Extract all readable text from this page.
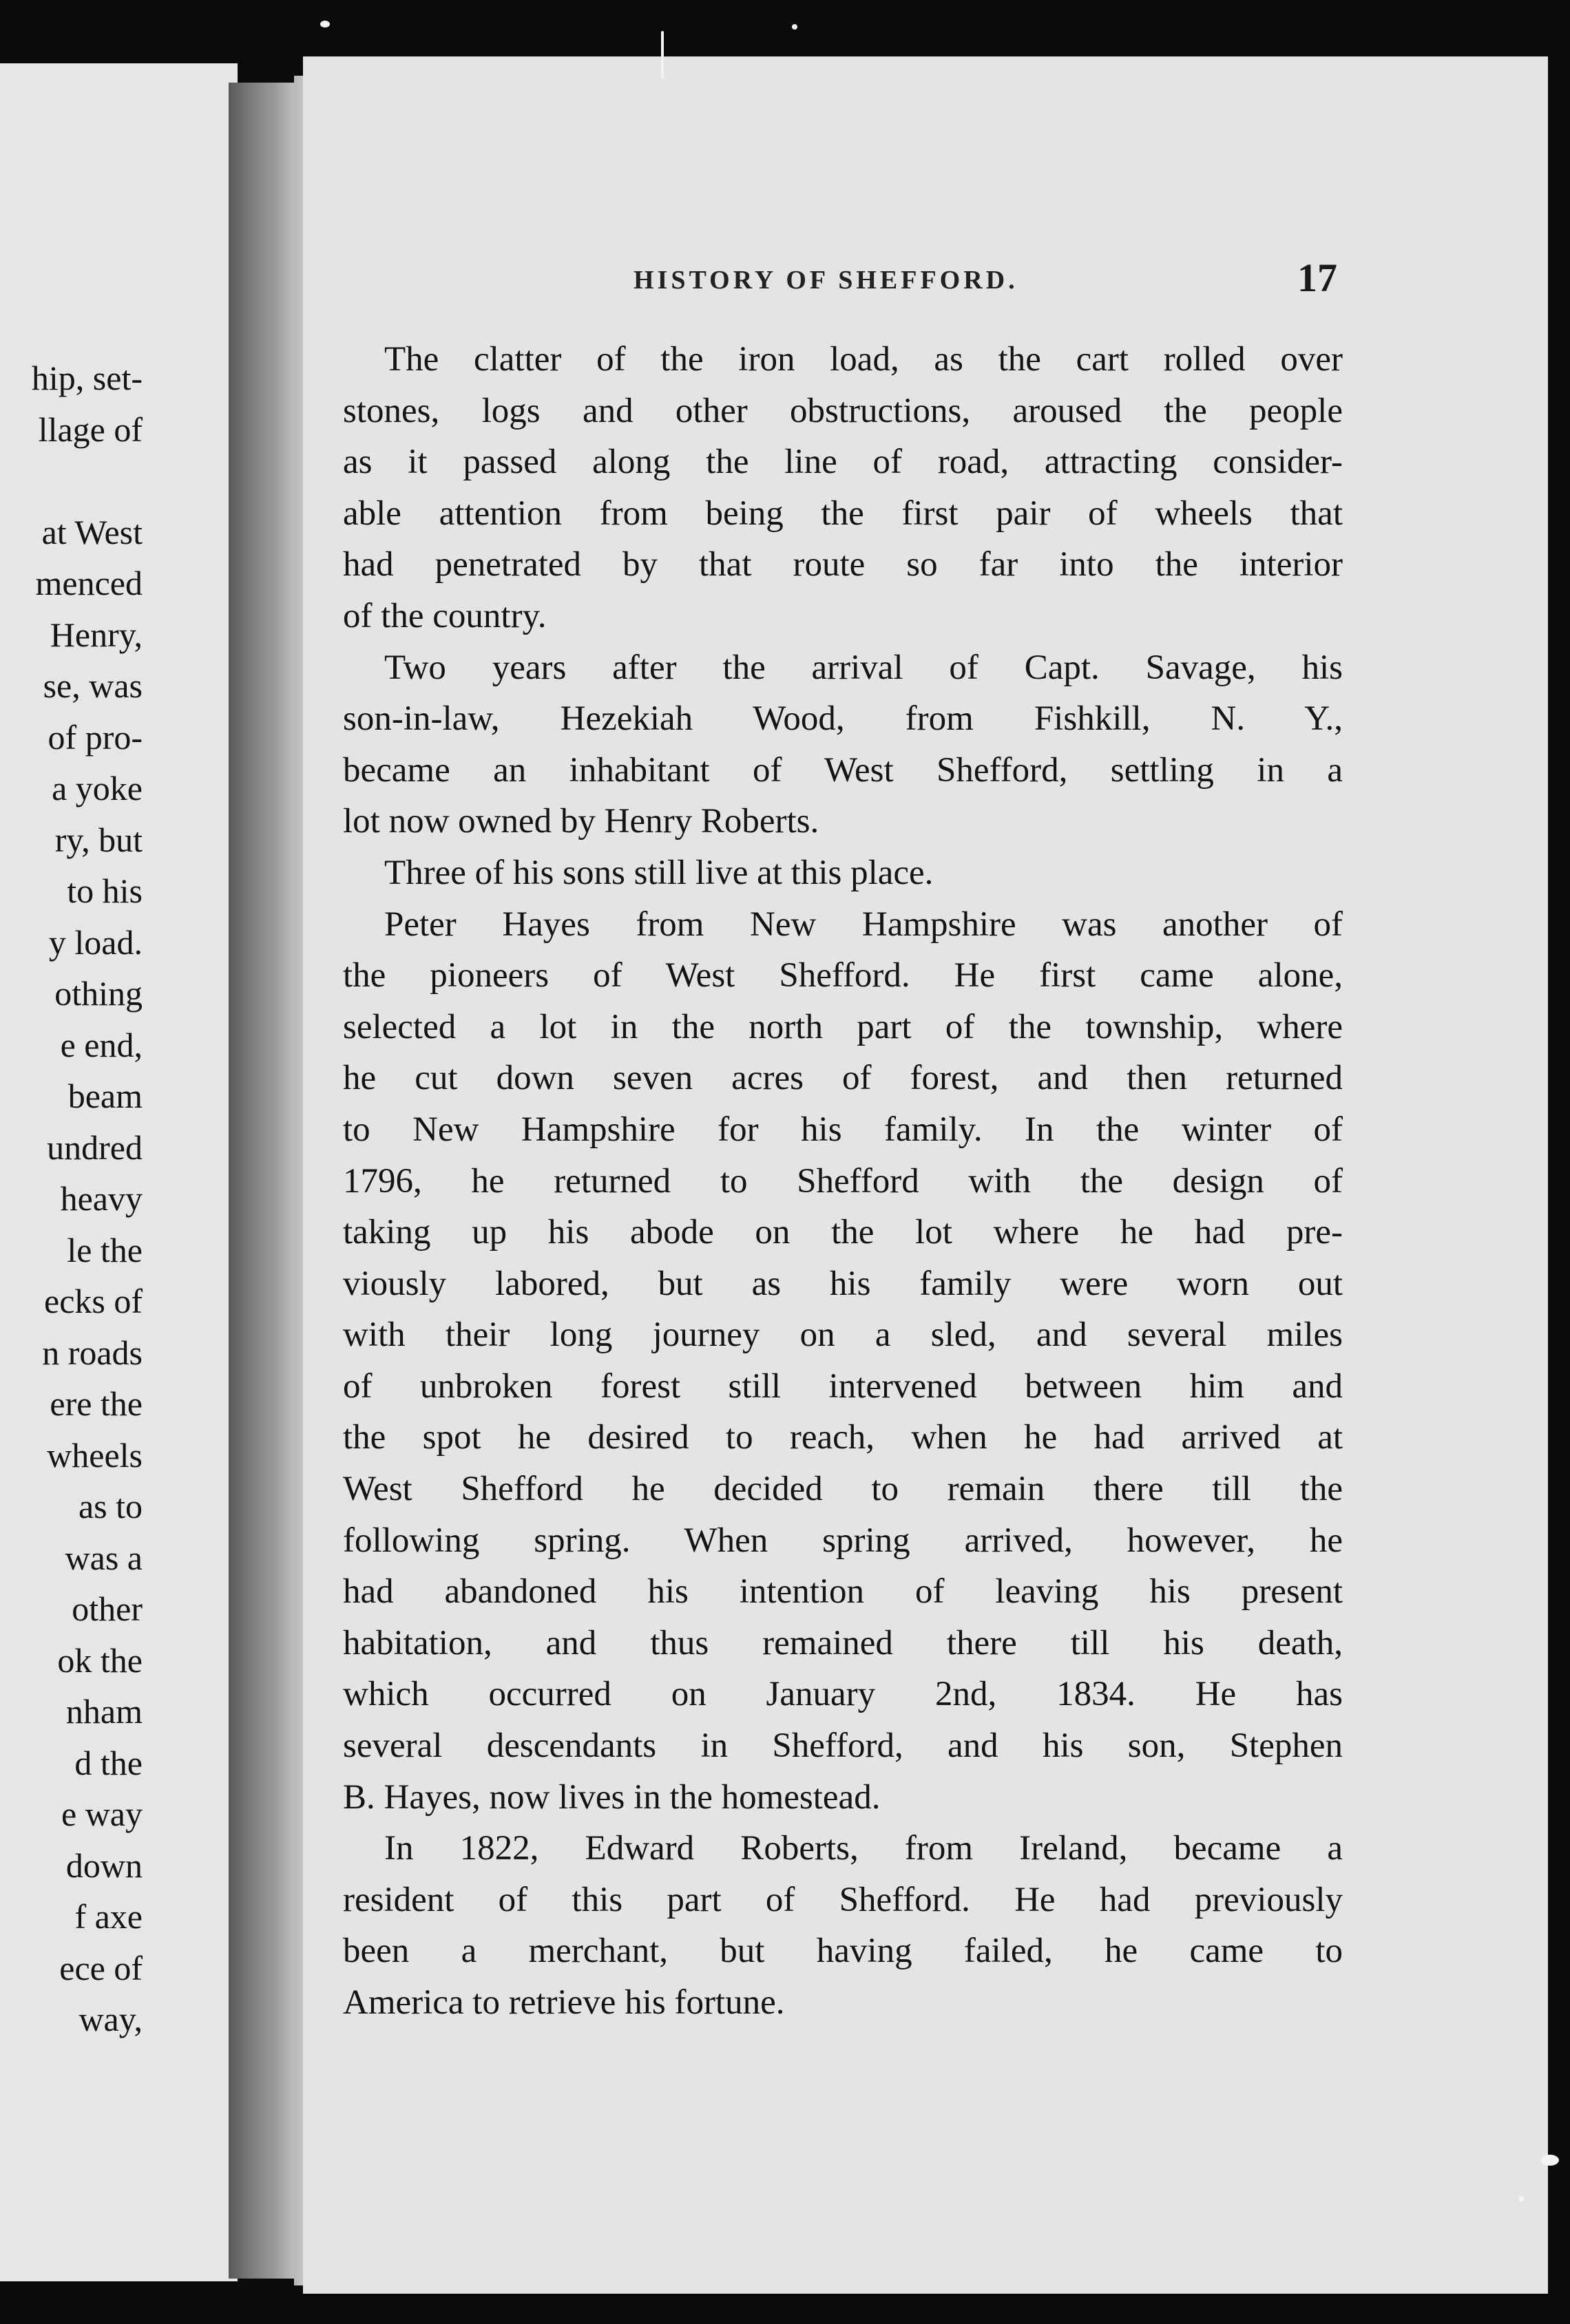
hip, set-
llage of
at West
menced
Henry,
se, was
of pro-
a yoke
ry, but
to his
y load.
othing
e end,
beam
undred
heavy
le the
ecks of
n roads
ere the
wheels
as to
was a
other
ok the
nham
d the
e way
down
f axe
ece of
way,
HISTORY OF SHEFFORD.	17
The clatter of the iron load, as the cart rolled over
stones, logs and other obstructions, aroused the people
as it passed along the line of road, attracting consider-
able attention from being the first pair of wheels that
had penetrated by that route so far into the interior
of the country.
Two years after the arrival of Capt. Savage, his
son-in-law, Hezekiah Wood, from Fishkill, N. Y.,
became an inhabitant of West Shefford, settling in a
lot now owned by Henry Roberts.
Three of his sons still live at this place.
Peter Hayes from New Hampshire was another of
the pioneers of West Shefford. He first came alone,
selected a lot in the north part of the township, where
he cut down seven acres of forest, and then returned
to New Hampshire for his family. In the winter of
1796, he returned to Shefford with the design of
taking up his abode on the lot where he had pre-
viously labored, but as his family were worn out
with their long journey on a sled, and several miles
of unbroken forest still intervened between him and
the spot he desired to reach, when he had arrived at
West Shefford he decided to remain there till the
following spring. When spring arrived, however, he
had abandoned his intention of leaving his present
habitation, and thus remained there till his death,
which occurred on January 2nd, 1834. He has
several descendants in Shefford, and his son, Stephen
B. Hayes, now lives in the homestead.
In 1822, Edward Roberts, from Ireland, became a
resident of this part of Shefford. He had previously
been a merchant, but having failed, he came to
America to retrieve his fortune.
